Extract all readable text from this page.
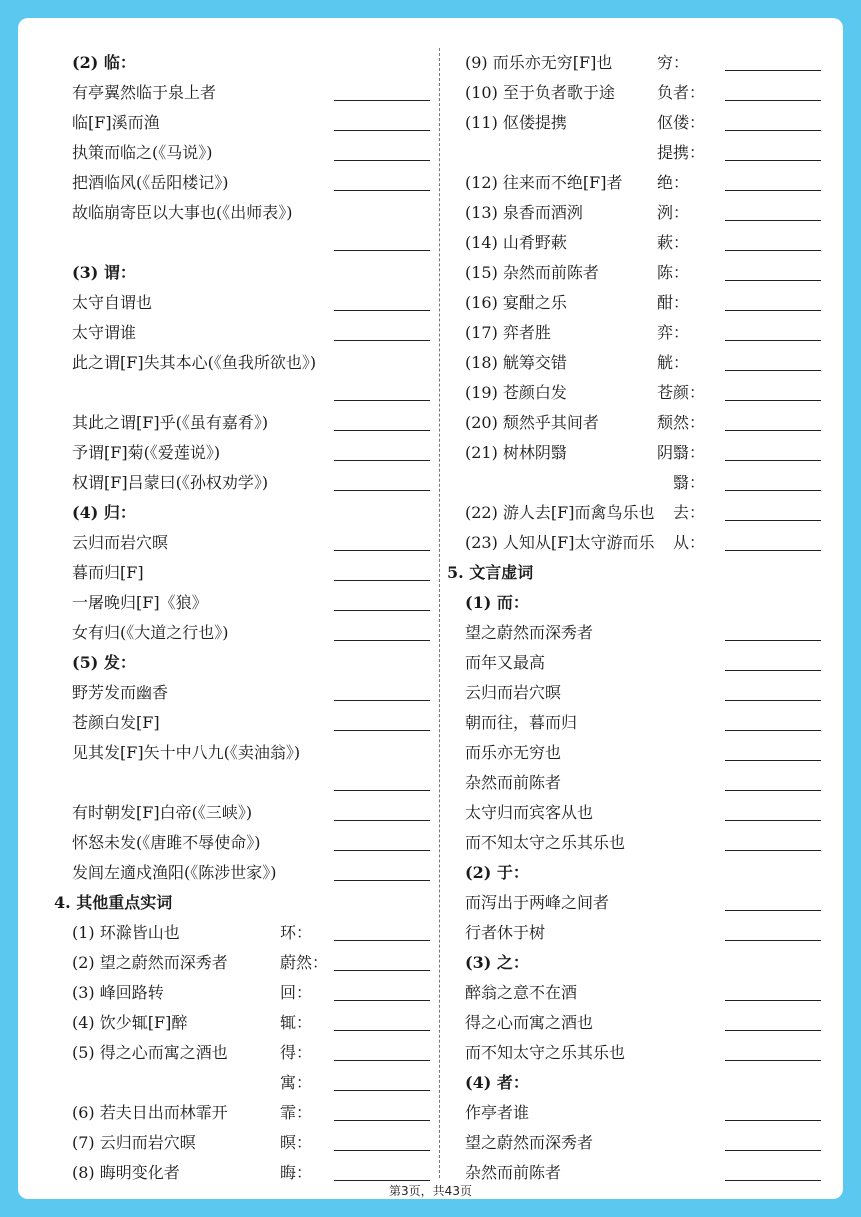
(2) 临：
有亭翼然临于泉上者
临[F]溪而渔
执策而临之(《马说》)
把酒临风(《岳阳楼记》)
故临崩寄臣以大事也(《出师表》)
(3) 谓：
太守自谓也
太守谓谁
此之谓[F]失其本心(《鱼我所欲也》)
其此之谓[F]乎(《虽有嘉肴》)
予谓[F]菊(《爱莲说》)
权谓[F]吕蒙曰(《孙权劝学》)
(4) 归：
云归而岩穴暝
暮而归[F]
一屠晚归[F]《狼》
女有归(《大道之行也》)
(5) 发：
野芳发而幽香
苍颜白发[F]
见其发[F]矢十中八九(《卖油翁》)
有时朝发[F]白帝(《三峡》)
怀怒未发(《唐雎不辱使命》)
发闾左適戍渔阳(《陈涉世家》)
4. 其他重点实词
(1) 环滁皆山也	环：
(2) 望之蔚然而深秀者	蔚然：
(3) 峰回路转	回：
(4) 饮少辄[F]醉	辄：
(5) 得之心而寓之酒也	得：
寓：
(6) 若夫日出而林霏开	霏：
(7) 云归而岩穴暝	暝：
(8) 晦明变化者	晦：
(9) 而乐亦无穷[F]也	穷：
(10) 至于负者歌于途	负者：
(11) 伛偻提携	伛偻：
提携：
(12) 往来而不绝[F]者 绝：
(13) 泉香而酒洌	洌：
(14) 山肴野蔌	蔌：
(15) 杂然而前陈者	陈：
(16) 宴酣之乐	酣：
(17) 弈者胜	弈：
(18) 觥筹交错	觥：
(19) 苍颜白发	苍颜：
(20) 颓然乎其间者	颓然：
(21) 树林阴翳	阴翳：
翳：
(22) 游人去[F]而禽鸟乐也 去：
(23) 人知从[F]太守游而乐 从：
5. 文言虚词
(1) 而：
望之蔚然而深秀者
而年又最高
云归而岩穴暝
朝而往，暮而归
而乐亦无穷也
杂然而前陈者
太守归而宾客从也
而不知太守之乐其乐也
(2) 于：
而泻出于两峰之间者
行者休于树
(3) 之：
醉翁之意不在酒
得之心而寓之酒也
而不知太守之乐其乐也
(4) 者：
作亭者谁
望之蔚然而深秀者
杂然而前陈者
第3页，共43页
